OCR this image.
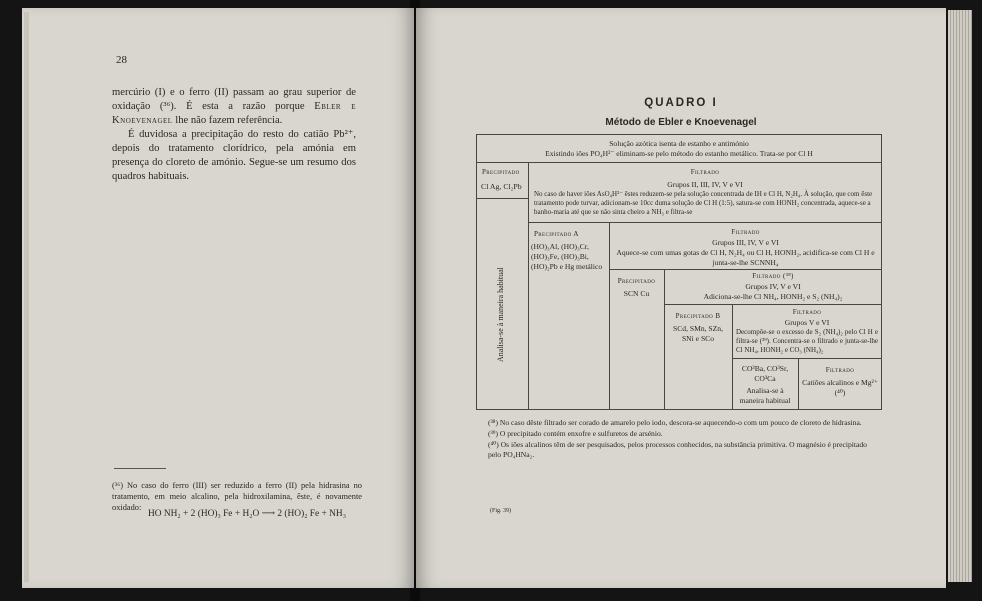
28

mercúrio (I) e o ferro (II) passam ao grau superior de oxidação (³⁶). É esta a razão porque Ebler e Knoevenagel lhe não fazem referência.

É duvidosa a precipitação do resto do catião Pb²⁺, depois do tratamento clorídrico, pela amónia em presença do cloreto de amónio. Segue-se um resumo dos quadros habituais.

(³⁶) No caso do ferro (III) ser reduzido a ferro (II) pela hidrasina no tratamento, em meio alcalino, pela hidroxilamina, êste, é novamente oxidado:
HO NH₂ + 2 (HO)₃ Fe + H₂O ⟶ 2 (HO)₂ Fe + NH₃
QUADRO I
Método de Ebler e Knoevenagel
Solução azótica isenta de estanho e antimónio
Existindo iões PO₄H²⁻ eliminam-se pelo método do estanho metálico. Trata-se por Cl H
Precipitado
Cl Ag, Cl₂Pb
Analisa-se à maneira habitual
Filtrado
Grupos II, III, IV, V e VI
No caso de haver iões AsO₄H²⁻ êstes reduzem-se pela solução concentrada de IH e Cl H, N₂H₄. À solução, que com êste tratamento pode turvar, adicionam-se 10cc duma solução de Cl H (1:5), satura-se com HONH₂ concentrada, aquece-se a banho-maria até que se não sinta cheiro a NH₃ e filtra-se
Precipitado A
(HO)₃Al, (HO)₃Cr, (HO)₃Fe, (HO)₃Bi, (HO)₂Pb e Hg metálico
Filtrado
Grupos III, IV, V e VI
Aquece-se com umas gotas de Cl H, N₂H₄ ou Cl H, HONH₂, acidifica-se com Cl H e junta-se-lhe SCNNH₄
Precipitado
SCN Cu
Filtrado (³⁸)
Grupos IV, V e VI
Adiciona-se-lhe Cl NH₄, HONH₂ e S₂ (NH₄)₂
Precipitado B
SCd, SMn, SZn, SNi e SCo
Filtrado
Grupos V e VI
Decompõe-se o excesso de S₂ (NH₄)₂ pelo Cl H e filtra-se (³⁹). Concentra-se o filtrado e junta-se-lhe Cl NH₄, HONH₂ e CO₃ (NH₄)₂
CO³Ba, CO³Sr, CO³Ca
Analisa-se à maneira habitual
Filtrado
Catiões alcalinos e Mg²⁺ (⁴⁰)

(³⁸) No caso dêste filtrado ser corado de amarelo pelo iodo, descora-se aquecendo-o com um pouco de cloreto de hidrasina.

(³⁹) O precipitado contém enxofre e sulfuretos de arsénio.

(⁴⁰) Os iões alcalinos têm de ser pesquisados, pelos processos conhecidos, na substância primitiva. O magnésio é precipitado pelo PO₄HNa₂.

(Fig. 39)
